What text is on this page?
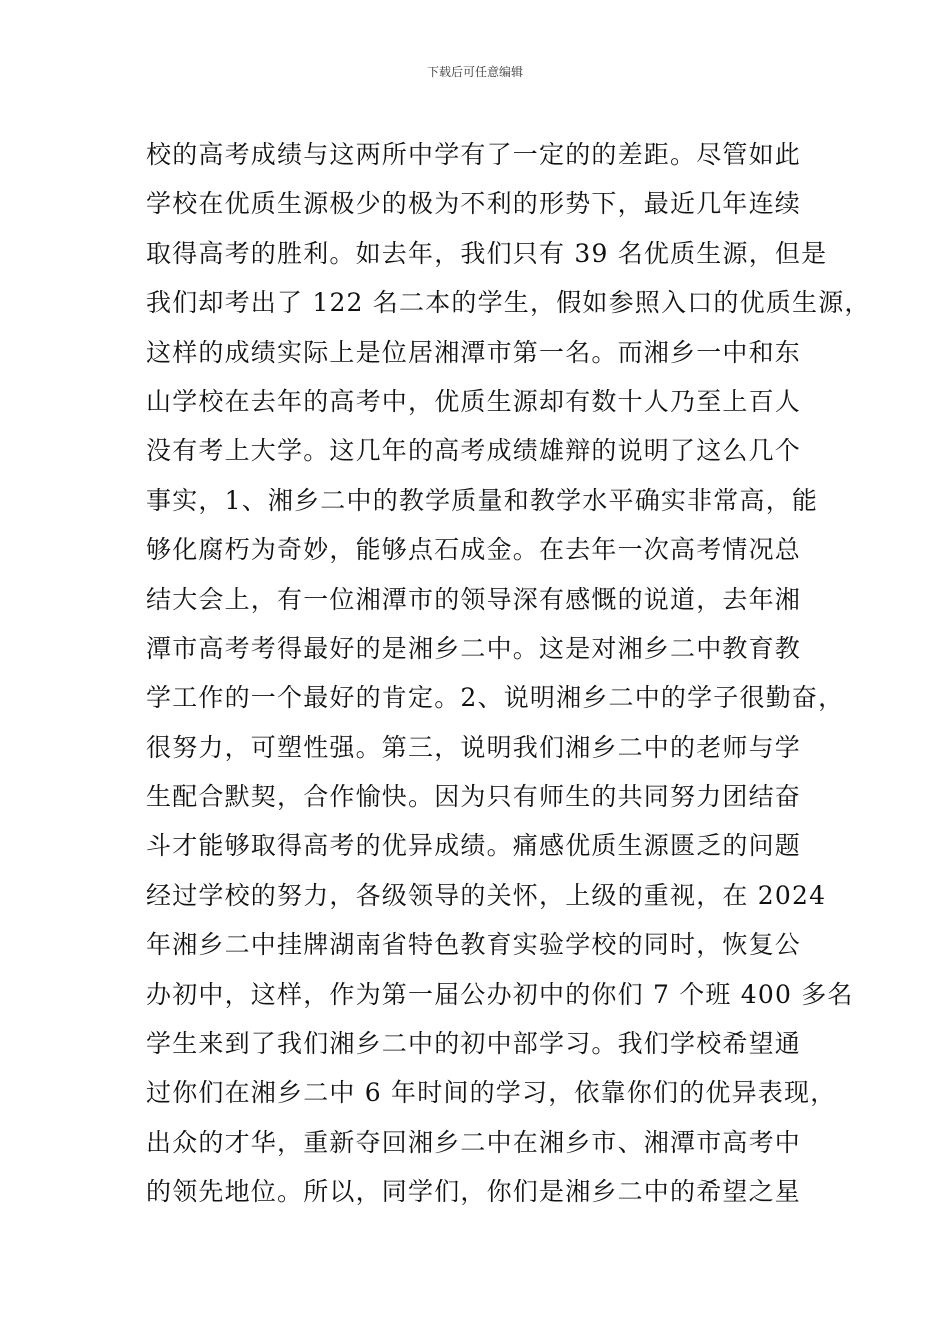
下载后可任意编辑
校的高考成绩与这两所中学有了一定的的差距。尽管如此
学校在优质生源极少的极为不利的形势下，最近几年连续
取得高考的胜利。如去年，我们只有 39 名优质生源，但是
我们却考出了 122 名二本的学生，假如参照入口的优质生源，
这样的成绩实际上是位居湘潭市第一名。而湘乡一中和东
山学校在去年的高考中，优质生源却有数十人乃至上百人
没有考上大学。这几年的高考成绩雄辩的说明了这么几个
事实，1、湘乡二中的教学质量和教学水平确实非常高，能
够化腐朽为奇妙，能够点石成金。在去年一次高考情况总
结大会上，有一位湘潭市的领导深有感慨的说道，去年湘
潭市高考考得最好的是湘乡二中。这是对湘乡二中教育教
学工作的一个最好的肯定。2、说明湘乡二中的学子很勤奋，
很努力，可塑性强。第三，说明我们湘乡二中的老师与学
生配合默契，合作愉快。因为只有师生的共同努力团结奋
斗才能够取得高考的优异成绩。痛感优质生源匮乏的问题
经过学校的努力，各级领导的关怀，上级的重视，在 2024
年湘乡二中挂牌湖南省特色教育实验学校的同时，恢复公
办初中，这样，作为第一届公办初中的你们 7 个班 400 多名
学生来到了我们湘乡二中的初中部学习。我们学校希望通
过你们在湘乡二中 6 年时间的学习，依靠你们的优异表现，
出众的才华，重新夺回湘乡二中在湘乡市、湘潭市高考中
的领先地位。所以，同学们，你们是湘乡二中的希望之星
